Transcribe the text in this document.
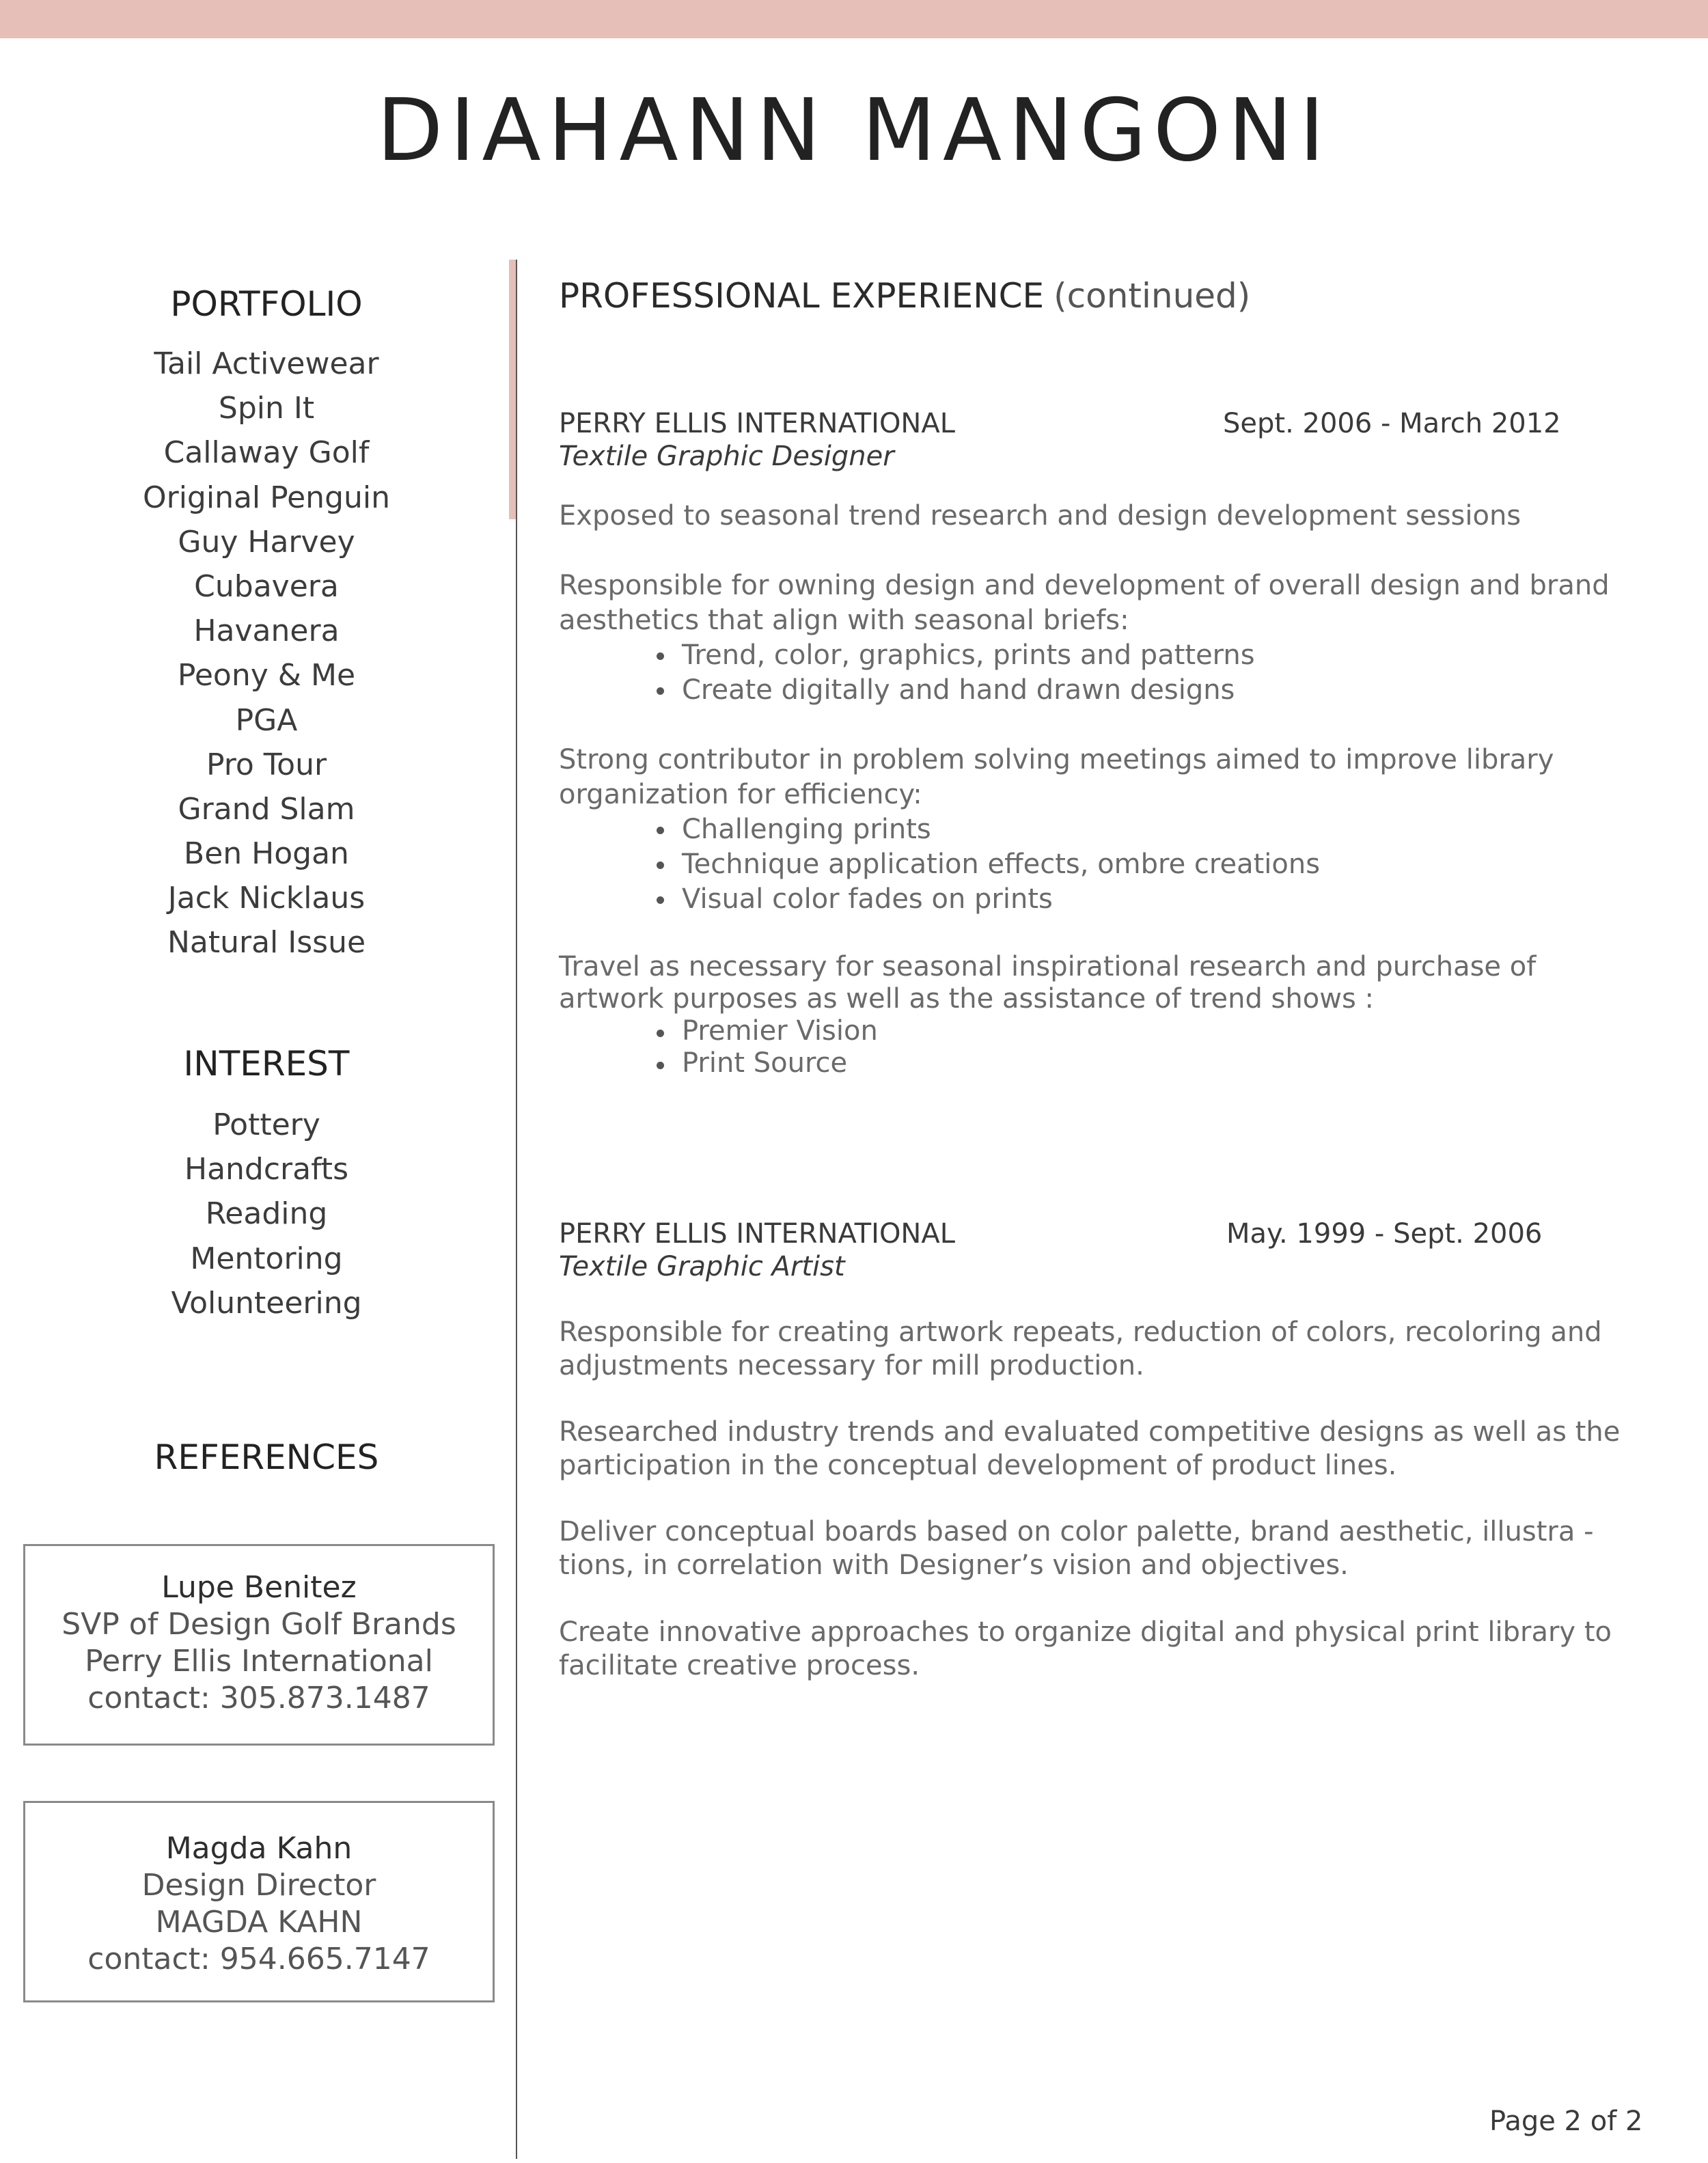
DIAHANN MANGONI
PORTFOLIO
Tail Activewear
Spin It
Callaway Golf
Original Penguin
Guy Harvey
Cubavera
Havanera
Peony & Me
PGA
Pro Tour
Grand Slam
Ben Hogan
Jack Nicklaus
Natural Issue
INTEREST
Pottery
Handcrafts
Reading
Mentoring
Volunteering
REFERENCES
Lupe Benitez
SVP of Design Golf Brands
Perry Ellis International
contact: 305.873.1487
Magda Kahn
Design Director
MAGDA KAHN
contact: 954.665.7147
PROFESSIONAL EXPERIENCE (continued)
PERRY ELLIS INTERNATIONAL	Sept. 2006 - March 2012
Textile Graphic Designer

Exposed to seasonal trend research and design development sessions

Responsible for owning design and development of overall design and brand aesthetics that align with seasonal briefs:

Trend, color, graphics, prints and patterns
Create digitally and hand drawn designs

Strong contributor in problem solving meetings aimed to improve library organization for efficiency:

Challenging prints
Technique application effects, ombre creations
Visual color fades on prints

Travel as necessary for seasonal inspirational research and purchase of artwork purposes as well as the assistance of trend shows :

Premier Vision
Print Source
PERRY ELLIS INTERNATIONAL	May. 1999 - Sept. 2006
Textile Graphic Artist

Responsible for creating artwork repeats, reduction of colors, recoloring and adjustments necessary for mill production.

Researched industry trends and evaluated competitive designs as well as the participation in the conceptual development of product lines.

Deliver conceptual boards based on color palette, brand aesthetic, illustra - tions, in correlation with Designer’s vision and objectives.

Create innovative approaches to organize digital and physical print library to facilitate creative process.

Page 2 of 2
